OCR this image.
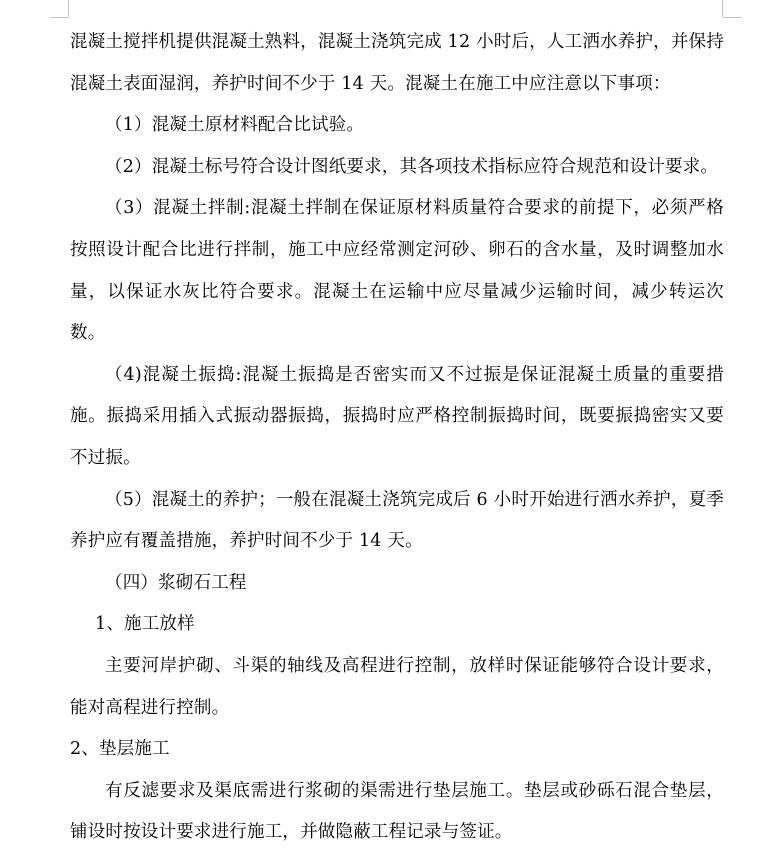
混凝土搅拌机提供混凝土熟料，混凝土浇筑完成 12 小时后，人工洒水养护，并保持混凝土表面湿润，养护时间不少于 14 天。混凝土在施工中应注意以下事项：

（1）混凝土原材料配合比试验。

（2）混凝土标号符合设计图纸要求，其各项技术指标应符合规范和设计要求。

（3）混凝土拌制:混凝土拌制在保证原材料质量符合要求的前提下，必须严格按照设计配合比进行拌制，施工中应经常测定河砂、卵石的含水量，及时调整加水量，以保证水灰比符合要求。混凝土在运输中应尽量减少运输时间，减少转运次数。

（4)混凝土振捣:混凝土振捣是否密实而又不过振是保证混凝土质量的重要措施。振捣采用插入式振动器振捣，振捣时应严格控制振捣时间，既要振捣密实又要不过振。

（5）混凝土的养护；一般在混凝土浇筑完成后 6 小时开始进行洒水养护，夏季养护应有覆盖措施，养护时间不少于 14 天。

（四）浆砌石工程

1、施工放样

主要河岸护砌、斗渠的轴线及高程进行控制，放样时保证能够符合设计要求，能对高程进行控制。

2、垫层施工

有反滤要求及渠底需进行浆砌的渠需进行垫层施工。垫层或砂砾石混合垫层，铺设时按设计要求进行施工，并做隐蔽工程记录与签证。
